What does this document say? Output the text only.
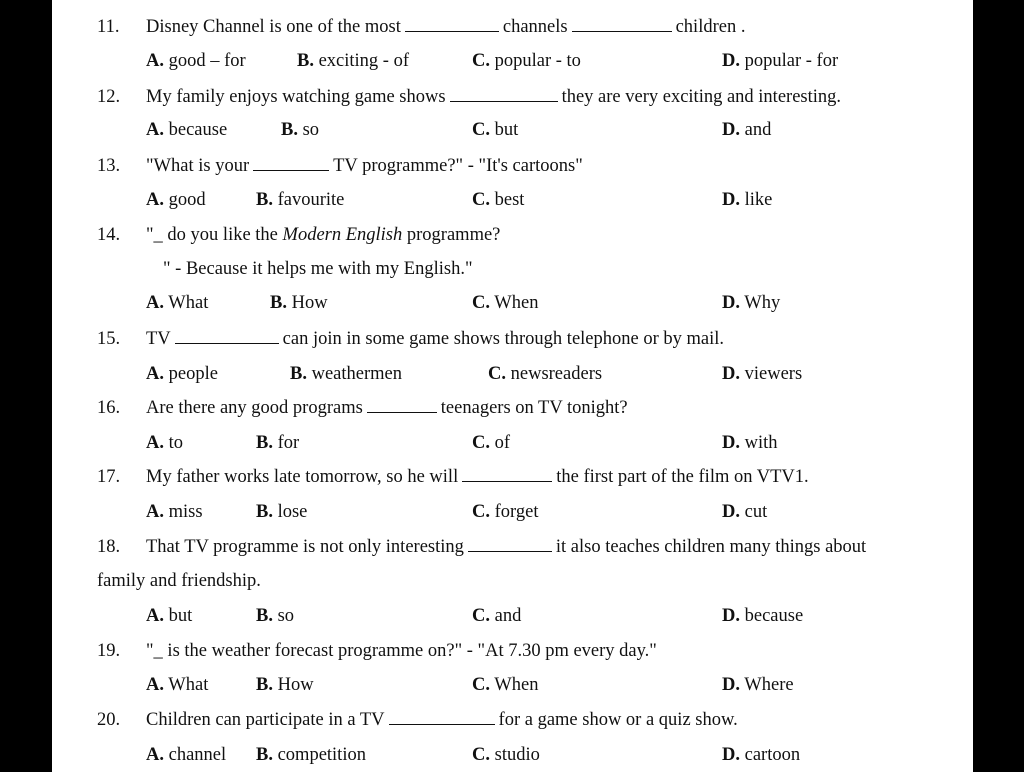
11. Disney Channel is one of the most	channels	children .
A. good – for	B. exciting - of	C. popular - to	D. popular - for
12. My family enjoys watching game shows	they are very exciting and interesting.
A. because	B. so	C. but	D. and
13. "What is your	TV programme?" - "It's cartoons"
A. good	B. favourite	C. best	D. like
14. "_ do you like the Modern English programme?
" - Because it helps me with my English."
A. What	B. How	C. When	D. Why
15. TV	can join in some game shows through telephone or by mail.
A. people	B. weathermen	C. newsreaders	D. viewers
16. Are there any good programs	teenagers on TV tonight?
A. to	B. for	C. of	D. with
17. My father works late tomorrow, so he will	the first part of the film on VTV1.
A. miss	B. lose	C. forget	D. cut
18. That TV programme is not only interesting	it also teaches children many things about
family and friendship.
A. but	B. so	C. and	D. because
19. "_ is the weather forecast programme on?" - "At 7.30 pm every day."
A. What	B. How	C. When	D. Where
20. Children can participate in a TV	for a game show or a quiz show.
A. channel B. competition	C. studio	D. cartoon
